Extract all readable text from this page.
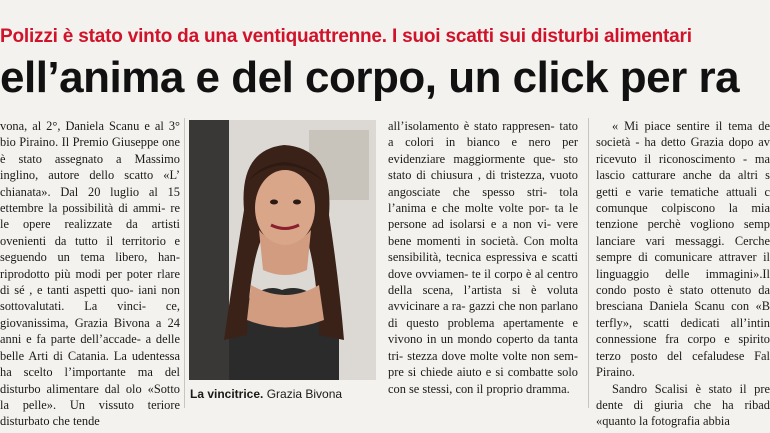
Polizzi è stato vinto da una ventiquattrenne. I suoi scatti sui disturbi alimentari
ell’anima e del corpo, un click per ra

vona, al 2°, Daniela Scanu e al 3° bio Piraino. Il Premio Giuseppe one è stato assegnato a Massimo inglino, autore dello scatto «L’ chianata». Dal 20 luglio al 15 ettembre la possibilità di ammi- re le opere realizzate da artisti ovenienti da tutto il territorio e seguendo un tema libero, han- riprodotto più modi per poter rlare di sé , e tanti aspetti quo- iani non sottovalutati. La vinci- ce, giovanissima, Grazia Bivona a 24 anni e fa parte dell’accade- a delle belle Arti di Catania. La udentessa ha scelto l’importante ma del disturbo alimentare dal olo «Sotto la pelle». Un vissuto teriore disturbato che tende

La vincitrice. Grazia Bivona

all’isolamento è stato rappresen- tato a colori in bianco e nero per evidenziare maggiormente que- sto stato di chiusura , di tristezza, vuoto angosciate che spesso stri- tola l’anima e che molte volte por- ta le persone ad isolarsi e a non vi- vere bene momenti in società. Con molta sensibilità, tecnica espressiva e scatti dove ovviamen- te il corpo è al centro della scena, l’artista si è voluta avvicinare a ra- gazzi che non parlano di questo problema apertamente e vivono in un mondo coperto da tanta tri- stezza dove molte volte non sem- pre si chiede aiuto e si combatte solo con se stessi, con il proprio dramma.

« Mi piace sentire il tema de società - ha detto Grazia dopo av ricevuto il riconoscimento - ma lascio catturare anche da altri s getti e varie tematiche attuali c comunque colpiscono la mia tenzione perchè vogliono semp lanciare vari messaggi. Cerche sempre di comunicare attraver il linguaggio delle immagini».Il condo posto è stato ottenuto da bresciana Daniela Scanu con «B terfly», scatti dedicati all’intin connessione fra corpo e spirito terzo posto del cefaludese Fal Piraino.

Sandro Scalisi è stato il pre dente di giuria che ha ribad «quanto la fotografia abbia
